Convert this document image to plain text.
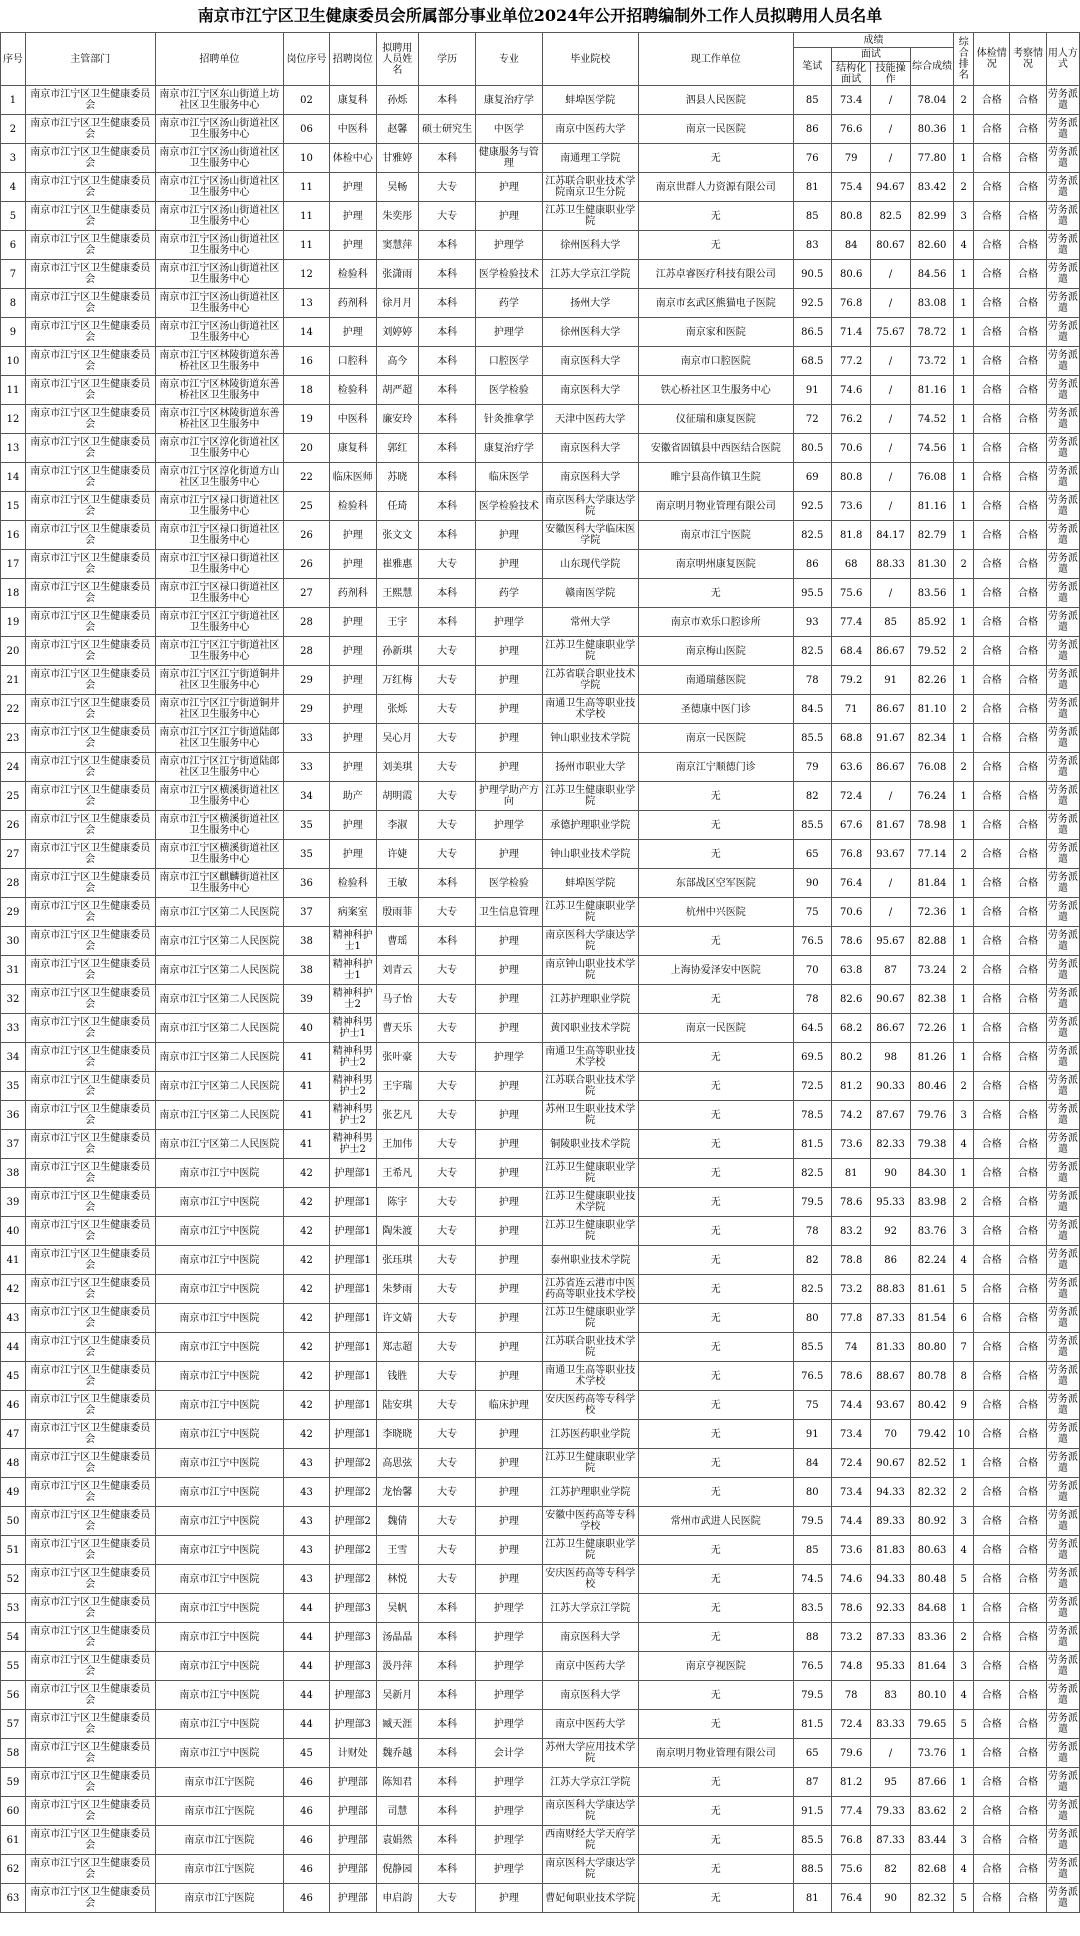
南京市江宁区卫生健康委员会所属部分事业单位2024年公开招聘编制外工作人员拟聘用人员名单
序号	主管部门	招聘单位	岗位序号	招聘岗位	拟聘用人员姓名	学历	专业	毕业院校	现工作单位	成绩				综合排名	体检情况	考察情况	用人方式
										笔试	面试		综合成绩				
											结构化面试	技能操作					
1	南京市江宁区卫生健康委员会	南京市江宁区东山街道上坊社区卫生服务中心	02	康复科	孙烁	本科	康复治疗学	蚌埠医学院	泗县人民医院	85	73.4	/	78.04	2	合格	合格	劳务派遣
2	南京市江宁区卫生健康委员会	南京市江宁区汤山街道社区卫生服务中心	06	中医科	赵馨	硕士研究生	中医学	南京中医药大学	南京一民医院	86	76.6	/	80.36	1	合格	合格	劳务派遣
3	南京市江宁区卫生健康委员会	南京市江宁区汤山街道社区卫生服务中心	10	体检中心	甘雅婷	本科	健康服务与管理	南通理工学院	无	76	79	/	77.80	1	合格	合格	劳务派遣
4	南京市江宁区卫生健康委员会	南京市江宁区汤山街道社区卫生服务中心	11	护理	吴畅	大专	护理	江苏联合职业技术学院南京卫生分院	南京世群人力资源有限公司	81	75.4	94.67	83.42	2	合格	合格	劳务派遣
5	南京市江宁区卫生健康委员会	南京市江宁区汤山街道社区卫生服务中心	11	护理	朱奕彤	大专	护理	江苏卫生健康职业学院	无	85	80.8	82.5	82.99	3	合格	合格	劳务派遣
6	南京市江宁区卫生健康委员会	南京市江宁区汤山街道社区卫生服务中心	11	护理	窦慧萍	本科	护理学	徐州医科大学	无	83	84	80.67	82.60	4	合格	合格	劳务派遣
7	南京市江宁区卫生健康委员会	南京市江宁区汤山街道社区卫生服务中心	12	检验科	张潇雨	本科	医学检验技术	江苏大学京江学院	江苏卓睿医疗科技有限公司	90.5	80.6	/	84.56	1	合格	合格	劳务派遣
8	南京市江宁区卫生健康委员会	南京市江宁区汤山街道社区卫生服务中心	13	药剂科	徐月月	本科	药学	扬州大学	南京市玄武区熊猫电子医院	92.5	76.8	/	83.08	1	合格	合格	劳务派遣
9	南京市江宁区卫生健康委员会	南京市江宁区汤山街道社区卫生服务中心	14	护理	刘婷婷	本科	护理学	徐州医科大学	南京家和医院	86.5	71.4	75.67	78.72	1	合格	合格	劳务派遣
10	南京市江宁区卫生健康委员会	南京市江宁区林陵街道东善桥社区卫生服务中	16	口腔科	高今	本科	口腔医学	南京医科大学	南京市口腔医院	68.5	77.2	/	73.72	1	合格	合格	劳务派遣
11	南京市江宁区卫生健康委员会	南京市江宁区林陵街道东善桥社区卫生服务中	18	检验科	胡严超	本科	医学检验	南京医科大学	铁心桥社区卫生服务中心	91	74.6	/	81.16	1	合格	合格	劳务派遣
12	南京市江宁区卫生健康委员会	南京市江宁区林陵街道东善桥社区卫生服务中	19	中医科	廉安玲	本科	针灸推拿学	天津中医药大学	仪征瑞和康复医院	72	76.2	/	74.52	1	合格	合格	劳务派遣
13	南京市江宁区卫生健康委员会	南京市江宁区淳化街道社区卫生服务中心	20	康复科	郭红	本科	康复治疗学	南京医科大学	安徽省固镇县中西医结合医院	80.5	70.6	/	74.56	1	合格	合格	劳务派遣
14	南京市江宁区卫生健康委员会	南京市江宁区淳化街道方山社区卫生服务中心	22	临床医师	苏晓	本科	临床医学	南京医科大学	睢宁县高作镇卫生院	69	80.8	/	76.08	1	合格	合格	劳务派遣
15	南京市江宁区卫生健康委员会	南京市江宁区禄口街道社区卫生服务中心	25	检验科	任琦	本科	医学检验技术	南京医科大学康达学院	南京明月物业管理有限公司	92.5	73.6	/	81.16	1	合格	合格	劳务派遣
16	南京市江宁区卫生健康委员会	南京市江宁区禄口街道社区卫生服务中心	26	护理	张文文	本科	护理	安徽医科大学临床医学院	南京市江宁医院	82.5	81.8	84.17	82.79	1	合格	合格	劳务派遣
17	南京市江宁区卫生健康委员会	南京市江宁区禄口街道社区卫生服务中心	26	护理	崔雅惠	大专	护理	山东现代学院	南京明州康复医院	86	68	88.33	81.30	2	合格	合格	劳务派遣
18	南京市江宁区卫生健康委员会	南京市江宁区禄口街道社区卫生服务中心	27	药剂科	王熙慧	本科	药学	赣南医学院	无	95.5	75.6	/	83.56	1	合格	合格	劳务派遣
19	南京市江宁区卫生健康委员会	南京市江宁区江宁街道社区卫生服务中心	28	护理	王宇	本科	护理学	常州大学	南京市欢乐口腔诊所	93	77.4	85	85.92	1	合格	合格	劳务派遣
20	南京市江宁区卫生健康委员会	南京市江宁区江宁街道社区卫生服务中心	28	护理	孙新琪	大专	护理	江苏卫生健康职业学院	南京梅山医院	82.5	68.4	86.67	79.52	2	合格	合格	劳务派遣
21	南京市江宁区卫生健康委员会	南京市江宁区江宁街道铜井社区卫生服务中心	29	护理	万红梅	大专	护理	江苏省联合职业技术学院	南通瑞慈医院	78	79.2	91	82.26	1	合格	合格	劳务派遣
22	南京市江宁区卫生健康委员会	南京市江宁区江宁街道铜井社区卫生服务中心	29	护理	张烁	大专	护理	南通卫生高等职业技术学校	圣德康中医门诊	84.5	71	86.67	81.10	2	合格	合格	劳务派遣
23	南京市江宁区卫生健康委员会	南京市江宁区江宁街道陆郎社区卫生服务中心	33	护理	吴心月	大专	护理	钟山职业技术学院	南京一民医院	85.5	68.8	91.67	82.34	1	合格	合格	劳务派遣
24	南京市江宁区卫生健康委员会	南京市江宁区江宁街道陆郎社区卫生服务中心	33	护理	刘美琪	大专	护理	扬州市职业大学	南京江宁顺德门诊	79	63.6	86.67	76.08	2	合格	合格	劳务派遣
25	南京市江宁区卫生健康委员会	南京市江宁区横溪街道社区卫生服务中心	34	助产	胡明霞	大专	护理学助产方向	江苏卫生健康职业学院	无	82	72.4	/	76.24	1	合格	合格	劳务派遣
26	南京市江宁区卫生健康委员会	南京市江宁区横溪街道社区卫生服务中心	35	护理	李淑	大专	护理学	承德护理职业学院	无	85.5	67.6	81.67	78.98	1	合格	合格	劳务派遣
27	南京市江宁区卫生健康委员会	南京市江宁区横溪街道社区卫生服务中心	35	护理	许婕	大专	护理	钟山职业技术学院	无	65	76.8	93.67	77.14	2	合格	合格	劳务派遣
28	南京市江宁区卫生健康委员会	南京市江宁区麒麟街道社区卫生服务中心	36	检验科	王敏	本科	医学检验	蚌埠医学院	东部战区空军医院	90	76.4	/	81.84	1	合格	合格	劳务派遣
29	南京市江宁区卫生健康委员会	南京市江宁区第二人民医院	37	病案室	殷雨菲	大专	卫生信息管理	江苏卫生健康职业学院	杭州中兴医院	75	70.6	/	72.36	1	合格	合格	劳务派遣
30	南京市江宁区卫生健康委员会	南京市江宁区第二人民医院	38	精神科护士1	曹瑶	本科	护理	南京医科大学康达学院	无	76.5	78.6	95.67	82.88	1	合格	合格	劳务派遣
31	南京市江宁区卫生健康委员会	南京市江宁区第二人民医院	38	精神科护士1	刘青云	大专	护理	南京钟山职业技术学院	上海协爱泽安中医院	70	63.8	87	73.24	2	合格	合格	劳务派遣
32	南京市江宁区卫生健康委员会	南京市江宁区第二人民医院	39	精神科护士2	马子怡	大专	护理	江苏护理职业学院	无	78	82.6	90.67	82.38	1	合格	合格	劳务派遣
33	南京市江宁区卫生健康委员会	南京市江宁区第二人民医院	40	精神科男护士1	曹天乐	大专	护理	黄冈职业技术学院	南京一民医院	64.5	68.2	86.67	72.26	1	合格	合格	劳务派遣
34	南京市江宁区卫生健康委员会	南京市江宁区第二人民医院	41	精神科男护士2	张叶豪	大专	护理学	南通卫生高等职业技术学校	无	69.5	80.2	98	81.26	1	合格	合格	劳务派遣
35	南京市江宁区卫生健康委员会	南京市江宁区第二人民医院	41	精神科男护士2	王宇瑞	大专	护理	江苏联合职业技术学院	无	72.5	81.2	90.33	80.46	2	合格	合格	劳务派遣
36	南京市江宁区卫生健康委员会	南京市江宁区第二人民医院	41	精神科男护士2	张艺凡	大专	护理	苏州卫生职业技术学院	无	78.5	74.2	87.67	79.76	3	合格	合格	劳务派遣
37	南京市江宁区卫生健康委员会	南京市江宁区第二人民医院	41	精神科男护士2	王加伟	大专	护理	铜陵职业技术学院	无	81.5	73.6	82.33	79.38	4	合格	合格	劳务派遣
38	南京市江宁区卫生健康委员会	南京市江宁中医院	42	护理部1	王希凡	大专	护理	江苏卫生健康职业学院	无	82.5	81	90	84.30	1	合格	合格	劳务派遣
39	南京市江宁区卫生健康委员会	南京市江宁中医院	42	护理部1	陈宇	大专	护理	江苏卫生健康职业技术学院	无	79.5	78.6	95.33	83.98	2	合格	合格	劳务派遣
40	南京市江宁区卫生健康委员会	南京市江宁中医院	42	护理部1	陶朱渡	大专	护理	江苏卫生健康职业学院	无	78	83.2	92	83.76	3	合格	合格	劳务派遣
41	南京市江宁区卫生健康委员会	南京市江宁中医院	42	护理部1	张珏琪	大专	护理	泰州职业技术学院	无	82	78.8	86	82.24	4	合格	合格	劳务派遣
42	南京市江宁区卫生健康委员会	南京市江宁中医院	42	护理部1	朱梦雨	大专	护理	江苏省连云港市中医药高等职业技术学校	无	82.5	73.2	88.83	81.61	5	合格	合格	劳务派遣
43	南京市江宁区卫生健康委员会	南京市江宁中医院	42	护理部1	许文婧	大专	护理	江苏卫生健康职业学院	无	80	77.8	87.33	81.54	6	合格	合格	劳务派遣
44	南京市江宁区卫生健康委员会	南京市江宁中医院	42	护理部1	郑志超	大专	护理	江苏联合职业技术学院	无	85.5	74	81.33	80.80	7	合格	合格	劳务派遣
45	南京市江宁区卫生健康委员会	南京市江宁中医院	42	护理部1	钱胜	大专	护理	南通卫生高等职业技术学校	无	76.5	78.6	88.67	80.78	8	合格	合格	劳务派遣
46	南京市江宁区卫生健康委员会	南京市江宁中医院	42	护理部1	陆安琪	大专	临床护理	安庆医药高等专科学校	无	75	74.4	93.67	80.42	9	合格	合格	劳务派遣
47	南京市江宁区卫生健康委员会	南京市江宁中医院	42	护理部1	李晓晓	大专	护理	江苏医药职业学院	无	91	73.4	70	79.42	10	合格	合格	劳务派遣
48	南京市江宁区卫生健康委员会	南京市江宁中医院	43	护理部2	高思弦	大专	护理	江苏卫生健康职业学院	无	84	72.4	90.67	82.52	1	合格	合格	劳务派遣
49	南京市江宁区卫生健康委员会	南京市江宁中医院	43	护理部2	龙怡馨	大专	护理	江苏护理职业学院	无	80	73.4	94.33	82.32	2	合格	合格	劳务派遣
50	南京市江宁区卫生健康委员会	南京市江宁中医院	43	护理部2	魏倩	大专	护理	安徽中医药高等专科学校	常州市武进人民医院	79.5	74.4	89.33	80.92	3	合格	合格	劳务派遣
51	南京市江宁区卫生健康委员会	南京市江宁中医院	43	护理部2	王雪	大专	护理	江苏卫生健康职业学院	无	85	73.6	81.83	80.63	4	合格	合格	劳务派遣
52	南京市江宁区卫生健康委员会	南京市江宁中医院	43	护理部2	林悦	大专	护理	安庆医药高等专科学校	无	74.5	74.6	94.33	80.48	5	合格	合格	劳务派遣
53	南京市江宁区卫生健康委员会	南京市江宁中医院	44	护理部3	吴帆	本科	护理学	江苏大学京江学院	无	83.5	78.6	92.33	84.68	1	合格	合格	劳务派遣
54	南京市江宁区卫生健康委员会	南京市江宁中医院	44	护理部3	汤晶晶	本科	护理学	南京医科大学	无	88	73.2	87.33	83.36	2	合格	合格	劳务派遣
55	南京市江宁区卫生健康委员会	南京市江宁中医院	44	护理部3	汲丹萍	本科	护理学	南京中医药大学	南京亨视医院	76.5	74.8	95.33	81.64	3	合格	合格	劳务派遣
56	南京市江宁区卫生健康委员会	南京市江宁中医院	44	护理部3	吴新月	本科	护理学	南京医科大学	无	79.5	78	83	80.10	4	合格	合格	劳务派遣
57	南京市江宁区卫生健康委员会	南京市江宁中医院	44	护理部3	臧天涯	本科	护理学	南京中医药大学	无	81.5	72.4	83.33	79.65	5	合格	合格	劳务派遣
58	南京市江宁区卫生健康委员会	南京市江宁中医院	45	计财处	魏乔越	本科	会计学	苏州大学应用技术学院	南京明月物业管理有限公司	65	79.6	/	73.76	1	合格	合格	劳务派遣
59	南京市江宁区卫生健康委员会	南京市江宁医院	46	护理部	陈知君	本科	护理学	江苏大学京江学院	无	87	81.2	95	87.66	1	合格	合格	劳务派遣
60	南京市江宁区卫生健康委员会	南京市江宁医院	46	护理部	司慧	本科	护理学	南京医科大学康达学院	无	91.5	77.4	79.33	83.62	2	合格	合格	劳务派遣
61	南京市江宁区卫生健康委员会	南京市江宁医院	46	护理部	袁娟然	本科	护理学	西南财经大学天府学院	无	85.5	76.8	87.33	83.44	3	合格	合格	劳务派遣
62	南京市江宁区卫生健康委员会	南京市江宁医院	46	护理部	倪静园	本科	护理学	南京医科大学康达学院	无	88.5	75.6	82	82.68	4	合格	合格	劳务派遣
63	南京市江宁区卫生健康委员会	南京市江宁医院	46	护理部	申启韵	大专	护理	曹妃甸职业技术学院	无	81	76.4	90	82.32	5	合格	合格	劳务派遣
